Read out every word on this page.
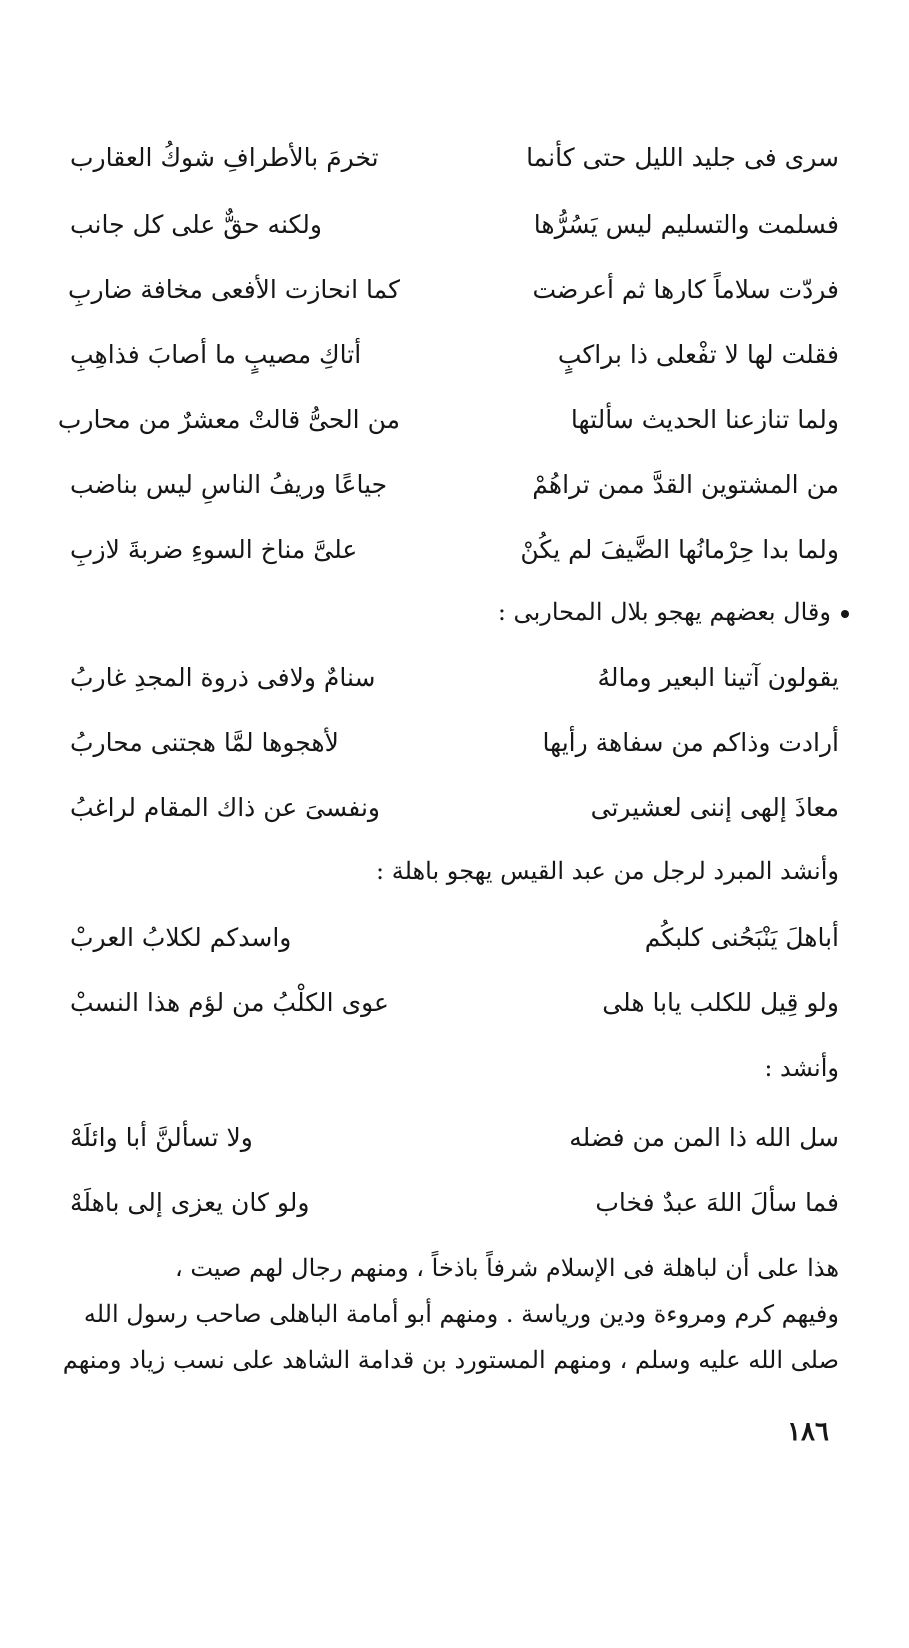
سرى فى جليد الليل حتى كأنما
تخرمَ بالأطرافِ شوكُ العقارب
فسلمت والتسليم ليس يَسُرُّها
ولكنه حقٌّ على كل جانب
فردّت سلاماً كارها ثم أعرضت
كما انحازت الأفعى مخافة ضاربِ
فقلت لها لا تفْعلى ذا براكبٍ
أتاكِ مصيبٍ ما أصابَ فذاهِبِ
ولما تنازعنا الحديث سألتها
من الحىُّ قالتْ معشرٌ من محارب
من المشتوين القدَّ ممن تراهُمْ
جياعًا وريفُ الناسِ ليس بناضب
ولما بدا حِرْمانُها الضَّيفَ لم يكُنْ
علىَّ مناخ السوءِ ضربةَ لازبِ
وقال بعضهم يهجو بلال المحاربى :
يقولون آتينا البعير ومالهُ
سنامٌ ولافى ذروة المجدِ غاربُ
أرادت وذاكم من سفاهة رأيها
لأهجوها لمَّا هجتنى محاربُ
معاذَ إلهى إننى لعشيرتى
ونفسىَ عن ذاك المقام لراغبُ
وأنشد المبرد لرجل من عبد القيس يهجو باهلة :
أباهلَ يَنْبَحُنى كلبكُم
واسدكم لكلابُ العربْ
ولو قِيل للكلب يابا هلى
عوى الكلْبُ من لؤم هذا النسبْ
وأنشد :
سل الله ذا المن من فضله
ولا تسألنَّ أبا وائلَهْ
فما سألَ اللهَ عبدٌ فخاب
ولو كان يعزى إلى باهلَهْ
هذا على أن لباهلة فى الإسلام شرفاً باذخاً ، ومنهم رجال لهم صيت ،
وفيهم كرم ومروءة ودين ورياسة . ومنهم أبو أمامة الباهلى صاحب رسول الله
صلى الله عليه وسلم ، ومنهم المستورد بن قدامة الشاهد على نسب زياد ومنهم
١٨٦
